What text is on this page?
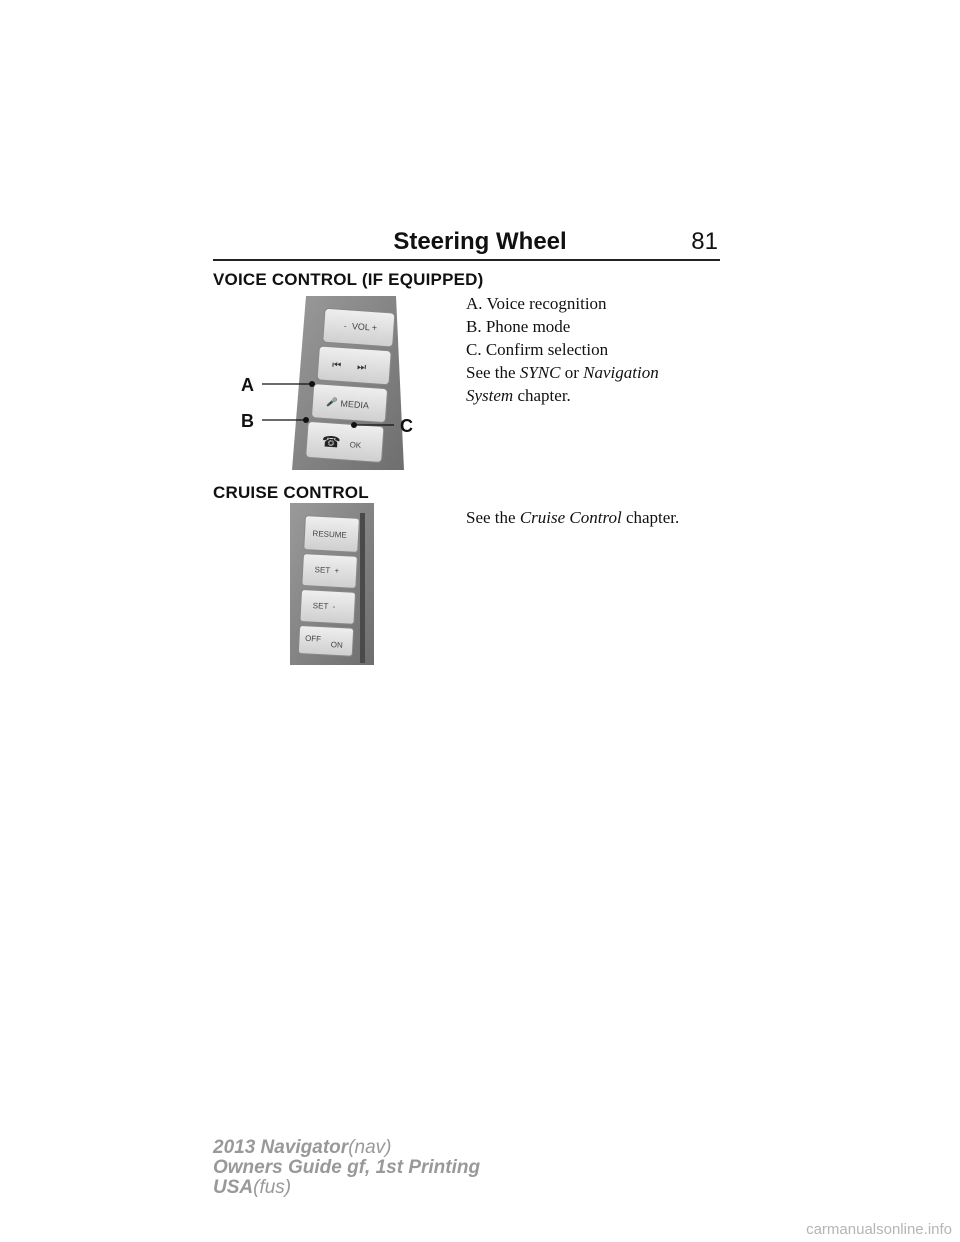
Steering Wheel	81
VOICE CONTROL (IF EQUIPPED)
A. Voice recognition
B. Phone mode
C. Confirm selection
See the SYNC or Navigation
System chapter.
- VOL +
⏮ ⏭
🎤 MEDIA
☎ OK
A
B	C
CRUISE CONTROL
See the Cruise Control chapter.
RESUME
SET  +
SET  -
OFF
ON
2013 Navigator(nav)
Owners Guide gf, 1st Printing
USA(fus)
carmanualsonline.info
